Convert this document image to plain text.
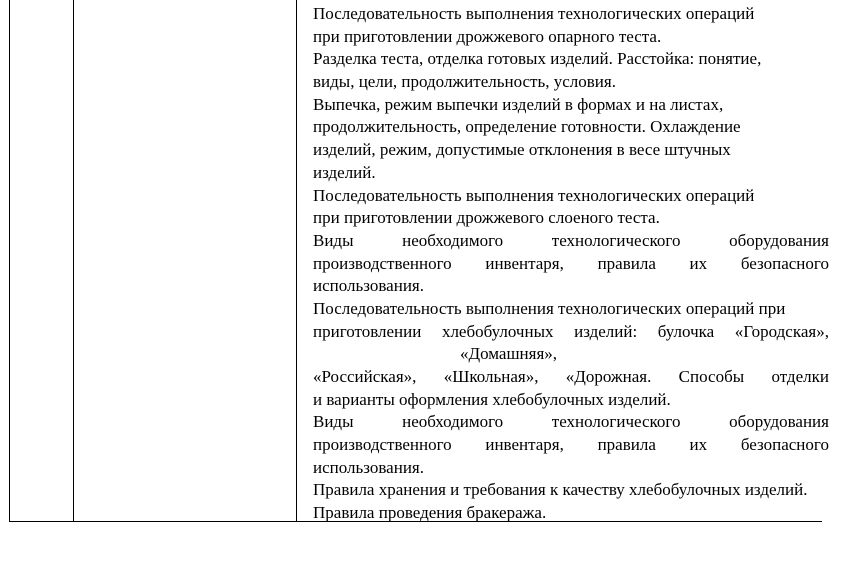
Последовательность выполнения технологических операций
при приготовлении дрожжевого опарного теста.
Разделка теста, отделка готовых изделий. Расстойка: понятие,
виды, цели, продолжительность, условия.
Выпечка, режим выпечки изделий в формах и на листах,
продолжительность, определение готовности. Охлаждение
изделий, режим, допустимые отклонения в весе штучных
изделий.
Последовательность выполнения технологических операций
при приготовлении дрожжевого слоеного теста.
Виды	необходимого	технологического	оборудования
производственного инвентаря, правила их безопасного
использования.
Последовательность выполнения технологических операций при
приготовлении хлебобулочных изделий: булочка «Городская»,
«Домашняя»,
«Российская», «Школьная», «Дорожная. Способы отделки
и варианты оформления хлебобулочных изделий.
Виды	необходимого	технологического	оборудования
производственного инвентаря, правила их безопасного
использования.
Правила хранения и требования к качеству хлебобулочных изделий.
Правила проведения бракеража.
